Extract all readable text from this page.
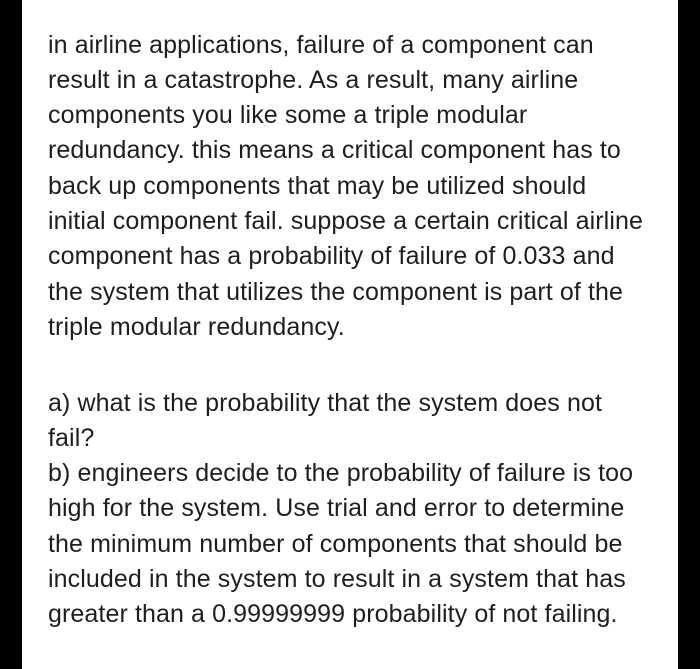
in airline applications, failure of a component can
result in a catastrophe. As a result, many airline
components you like some a triple modular
redundancy. this means a critical component has to
back up components that may be utilized should
initial component fail. suppose a certain critical airline
component has a probability of failure of 0.033 and
the system that utilizes the component is part of the
triple modular redundancy.
a) what is the probability that the system does not
fail?
b) engineers decide to the probability of failure is too
high for the system. Use trial and error to determine
the minimum number of components that should be
included in the system to result in a system that has
greater than a 0.99999999 probability of not failing.
